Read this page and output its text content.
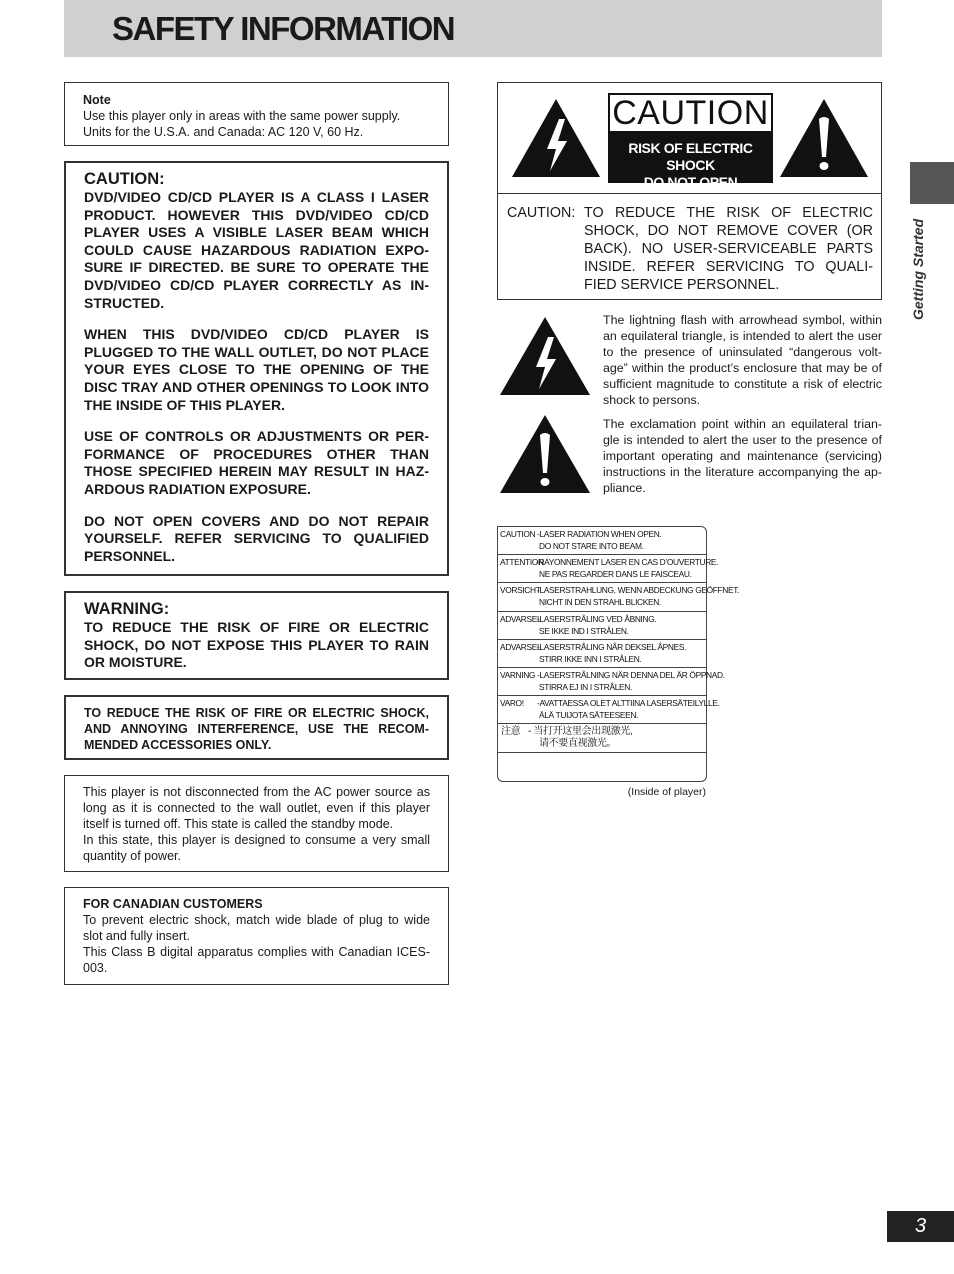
SAFETY INFORMATION

Note

Use this player only in areas with the same power supply.

Units for the U.S.A. and Canada: AC 120 V, 60 Hz.

CAUTION:

DVD/VIDEO CD/CD PLAYER IS A CLASS I LASER PRODUCT. HOWEVER THIS DVD/VIDEO CD/CD PLAYER USES A VISIBLE LASER BEAM WHICH COULD CAUSE HAZARDOUS RADIATION EXPO-SURE IF DIRECTED. BE SURE TO OPERATE THE DVD/VIDEO CD/CD PLAYER CORRECTLY AS IN-STRUCTED.

WHEN THIS DVD/VIDEO CD/CD PLAYER IS PLUGGED TO THE WALL OUTLET, DO NOT PLACE YOUR EYES CLOSE TO THE OPENING OF THE DISC TRAY AND OTHER OPENINGS TO LOOK INTO THE INSIDE OF THIS PLAYER.

USE OF CONTROLS OR ADJUSTMENTS OR PER-FORMANCE OF PROCEDURES OTHER THAN THOSE SPECIFIED HEREIN MAY RESULT IN HAZ-ARDOUS RADIATION EXPOSURE.

DO NOT OPEN COVERS AND DO NOT REPAIR YOURSELF. REFER SERVICING TO QUALIFIED PERSONNEL.

WARNING:

TO REDUCE THE RISK OF FIRE OR ELECTRIC SHOCK, DO NOT EXPOSE THIS PLAYER TO RAIN OR MOISTURE.

TO REDUCE THE RISK OF FIRE OR ELECTRIC SHOCK, AND ANNOYING INTERFERENCE, USE THE RECOM-MENDED ACCESSORIES ONLY.

This player is not disconnected from the AC power source as long as it is connected to the wall outlet, even if this player itself is turned off. This state is called the standby mode.

In this state, this player is designed to consume a very small quantity of power.

FOR CANADIAN CUSTOMERS

To prevent electric shock, match wide blade of plug to wide slot and fully insert.

This Class B digital apparatus complies with Canadian ICES-003.

CAUTION
RISK OF ELECTRIC SHOCK
DO NOT OPEN
CAUTION: TO REDUCE THE RISK OF ELECTRIC SHOCK, DO NOT REMOVE COVER (OR BACK). NO USER-SERVICEABLE PARTS INSIDE. REFER SERVICING TO QUALI-FIED SERVICE PERSONNEL.
The lightning flash with arrowhead symbol, within an equilateral triangle, is intended to alert the user to the presence of uninsulated “dangerous volt-age” within the product’s enclosure that may be of sufficient magnitude to constitute a risk of electric shock to persons.
The exclamation point within an equilateral trian-gle is intended to alert the user to the presence of important operating and maintenance (servicing) instructions in the literature accompanying the ap-pliance.
CAUTION -LASER RADIATION WHEN OPEN.
DO NOT STARE INTO BEAM.
ATTENTION
-RAYONNEMENT LASER EN CAS D’OUVERTURE.
NE PAS REGARDER DANS LE FAISCEAU.
VORSICHT
-LASERSTRAHLUNG, WENN ABDECKUNG GEÖFFNET.
NICHT IN DEN STRAHL BLICKEN.
ADVARSEL
-LASERSTRÅLING VED ÅBNING.
SE IKKE IND I STRÅLEN.
ADVARSEL
-LASERSTRÅLING NÅR DEKSEL ÅPNES.
STIRR IKKE INN I STRÅLEN.
VARNING -LASERSTRÅLNING NÄR DENNA DEL ÄR ÖPPNAD.
STIRRA EJ IN I STRÅLEN.
VARO! -AVATTAESSA OLET ALTTIINA LASERSÄTEILYLLE.
ÄLÄ TUIJOTA SÄTEESEEN.
注意 - 当打开这里会出现激光,
请不要直视激光。
(Inside of player)
Getting Started
3
